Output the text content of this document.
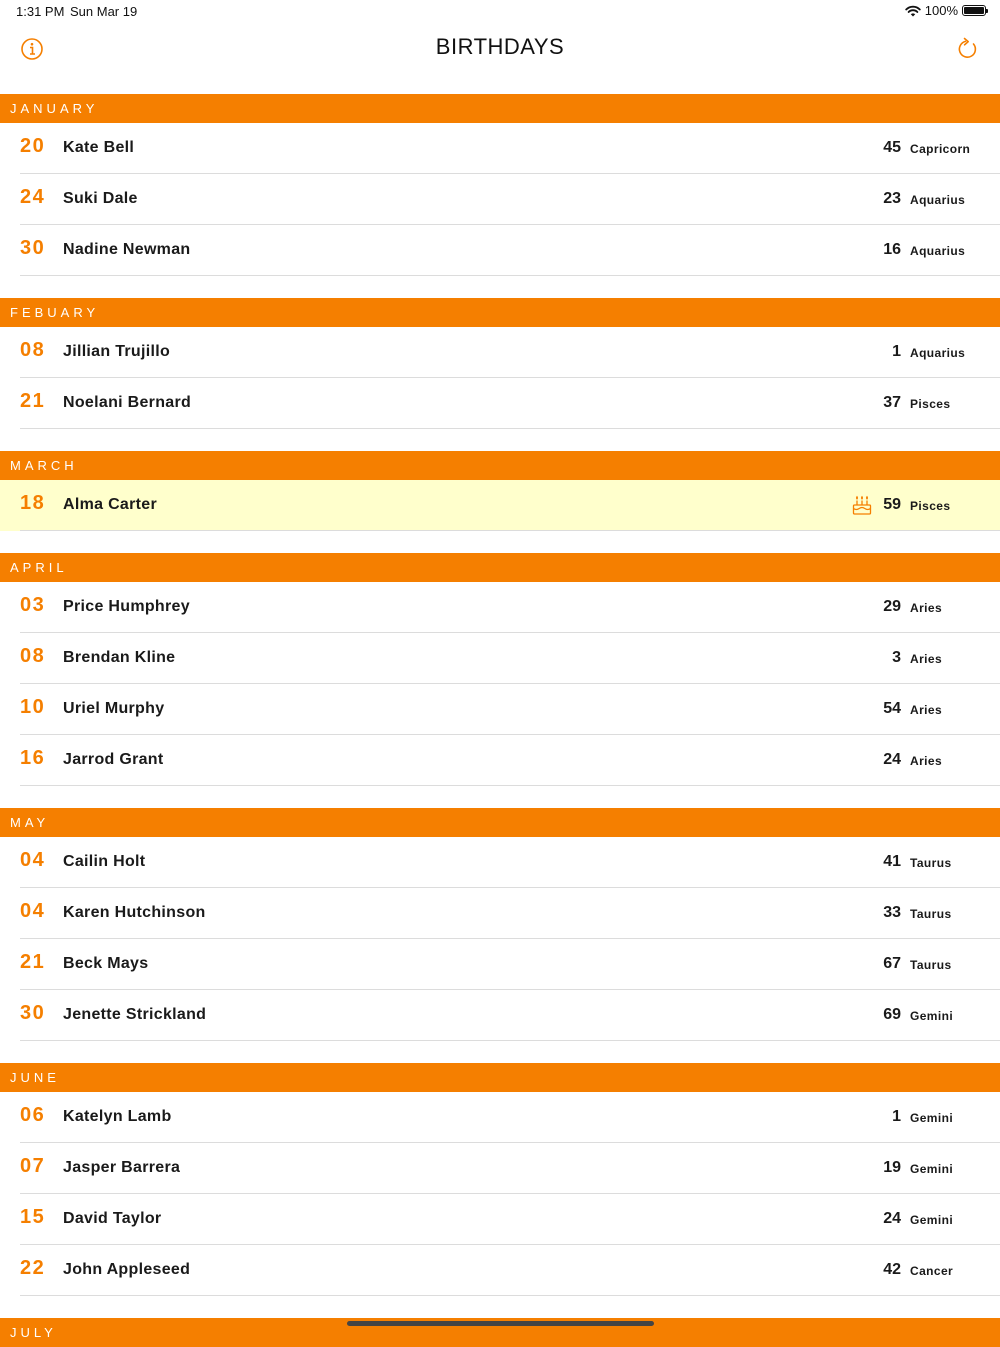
1:31 PM Sun Mar 19	100%
BIRTHDAYS
JANUARY
20 Kate Bell	45 Capricorn
24 Suki Dale	23 Aquarius
30 Nadine Newman	16 Aquarius
FEBUARY
08 Jillian Trujillo	1 Aquarius
21 Noelani Bernard	37 Pisces
MARCH
18 Alma Carter	59 Pisces
APRIL
03 Price Humphrey	29 Aries
08 Brendan Kline	3 Aries
10 Uriel Murphy	54 Aries
16 Jarrod Grant	24 Aries
MAY
04 Cailin Holt	41 Taurus
04 Karen Hutchinson	33 Taurus
21 Beck Mays	67 Taurus
30 Jenette Strickland	69 Gemini
JUNE
06 Katelyn Lamb	1 Gemini
07 Jasper Barrera	19 Gemini
15 David Taylor	24 Gemini
22 John Appleseed	42 Cancer
JULY
